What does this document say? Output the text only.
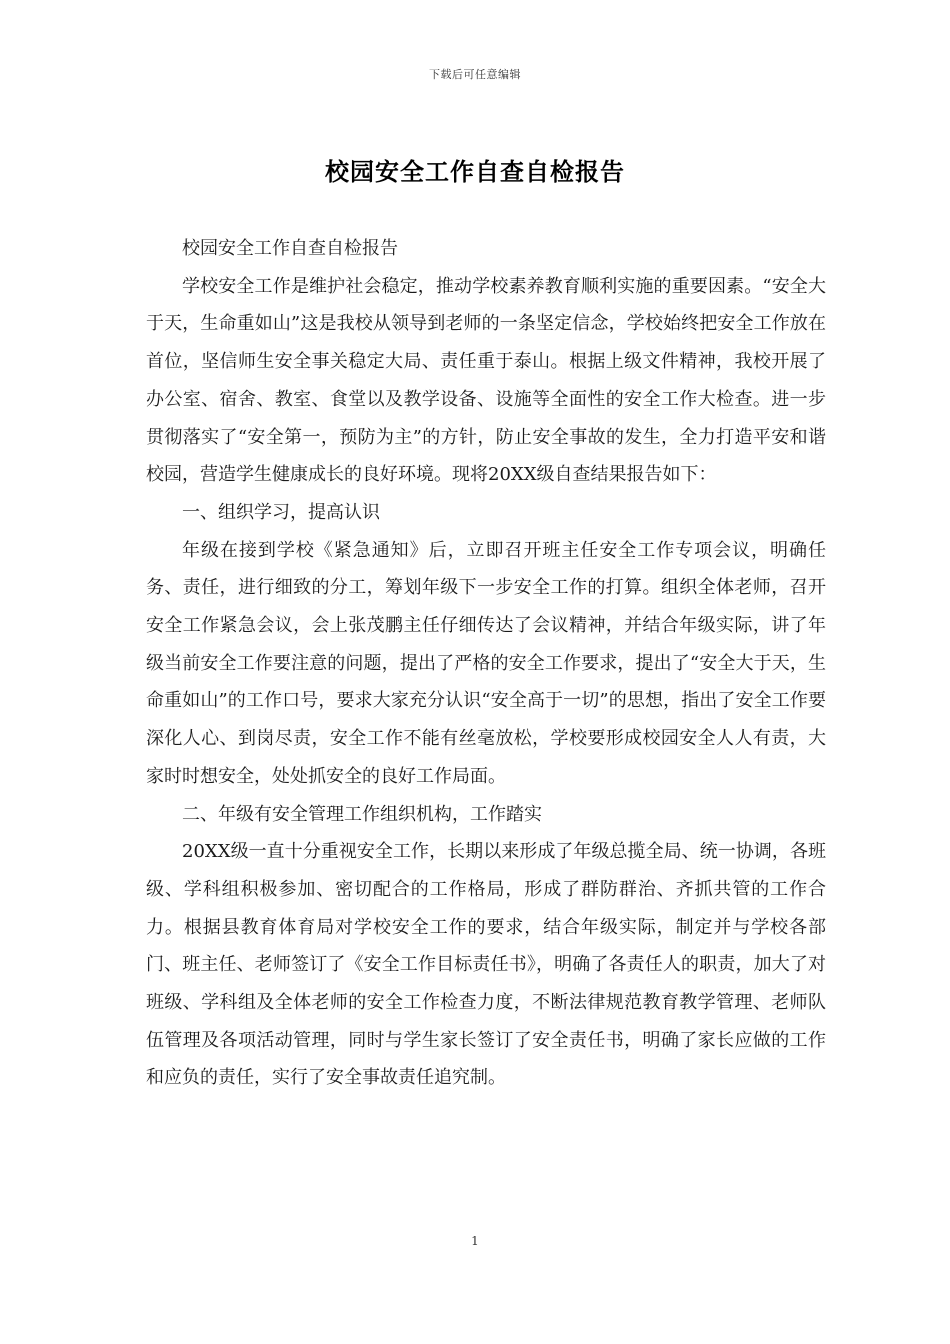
下载后可任意编辑
校园安全工作自查自检报告

校园安全工作自查自检报告

学校安全工作是维护社会稳定，推动学校素养教育顺利实施的重要因素。“安全大于天，生命重如山”这是我校从领导到老师的一条坚定信念，学校始终把安全工作放在首位，坚信师生安全事关稳定大局、责任重于泰山。根据上级文件精神，我校开展了办公室、宿舍、教室、食堂以及教学设备、设施等全面性的安全工作大检查。进一步贯彻落实了“安全第一，预防为主”的方针，防止安全事故的发生，全力打造平安和谐校园，营造学生健康成长的良好环境。现将20XX级自查结果报告如下：

一、组织学习，提高认识

年级在接到学校《紧急通知》后，立即召开班主任安全工作专项会议，明确任务、责任，进行细致的分工，筹划年级下一步安全工作的打算。组织全体老师，召开安全工作紧急会议，会上张茂鹏主任仔细传达了会议精神，并结合年级实际，讲了年级当前安全工作要注意的问题，提出了严格的安全工作要求，提出了“安全大于天，生命重如山”的工作口号，要求大家充分认识“安全高于一切”的思想，指出了安全工作要深化人心、到岗尽责，安全工作不能有丝毫放松，学校要形成校园安全人人有责，大家时时想安全，处处抓安全的良好工作局面。

二、年级有安全管理工作组织机构，工作踏实

20XX级一直十分重视安全工作，长期以来形成了年级总揽全局、统一协调，各班级、学科组积极参加、密切配合的工作格局，形成了群防群治、齐抓共管的工作合力。根据县教育体育局对学校安全工作的要求，结合年级实际，制定并与学校各部门、班主任、老师签订了《安全工作目标责任书》，明确了各责任人的职责，加大了对班级、学科组及全体老师的安全工作检查力度，不断法律规范教育教学管理、老师队伍管理及各项活动管理，同时与学生家长签订了安全责任书，明确了家长应做的工作和应负的责任，实行了安全事故责任追究制。

1
